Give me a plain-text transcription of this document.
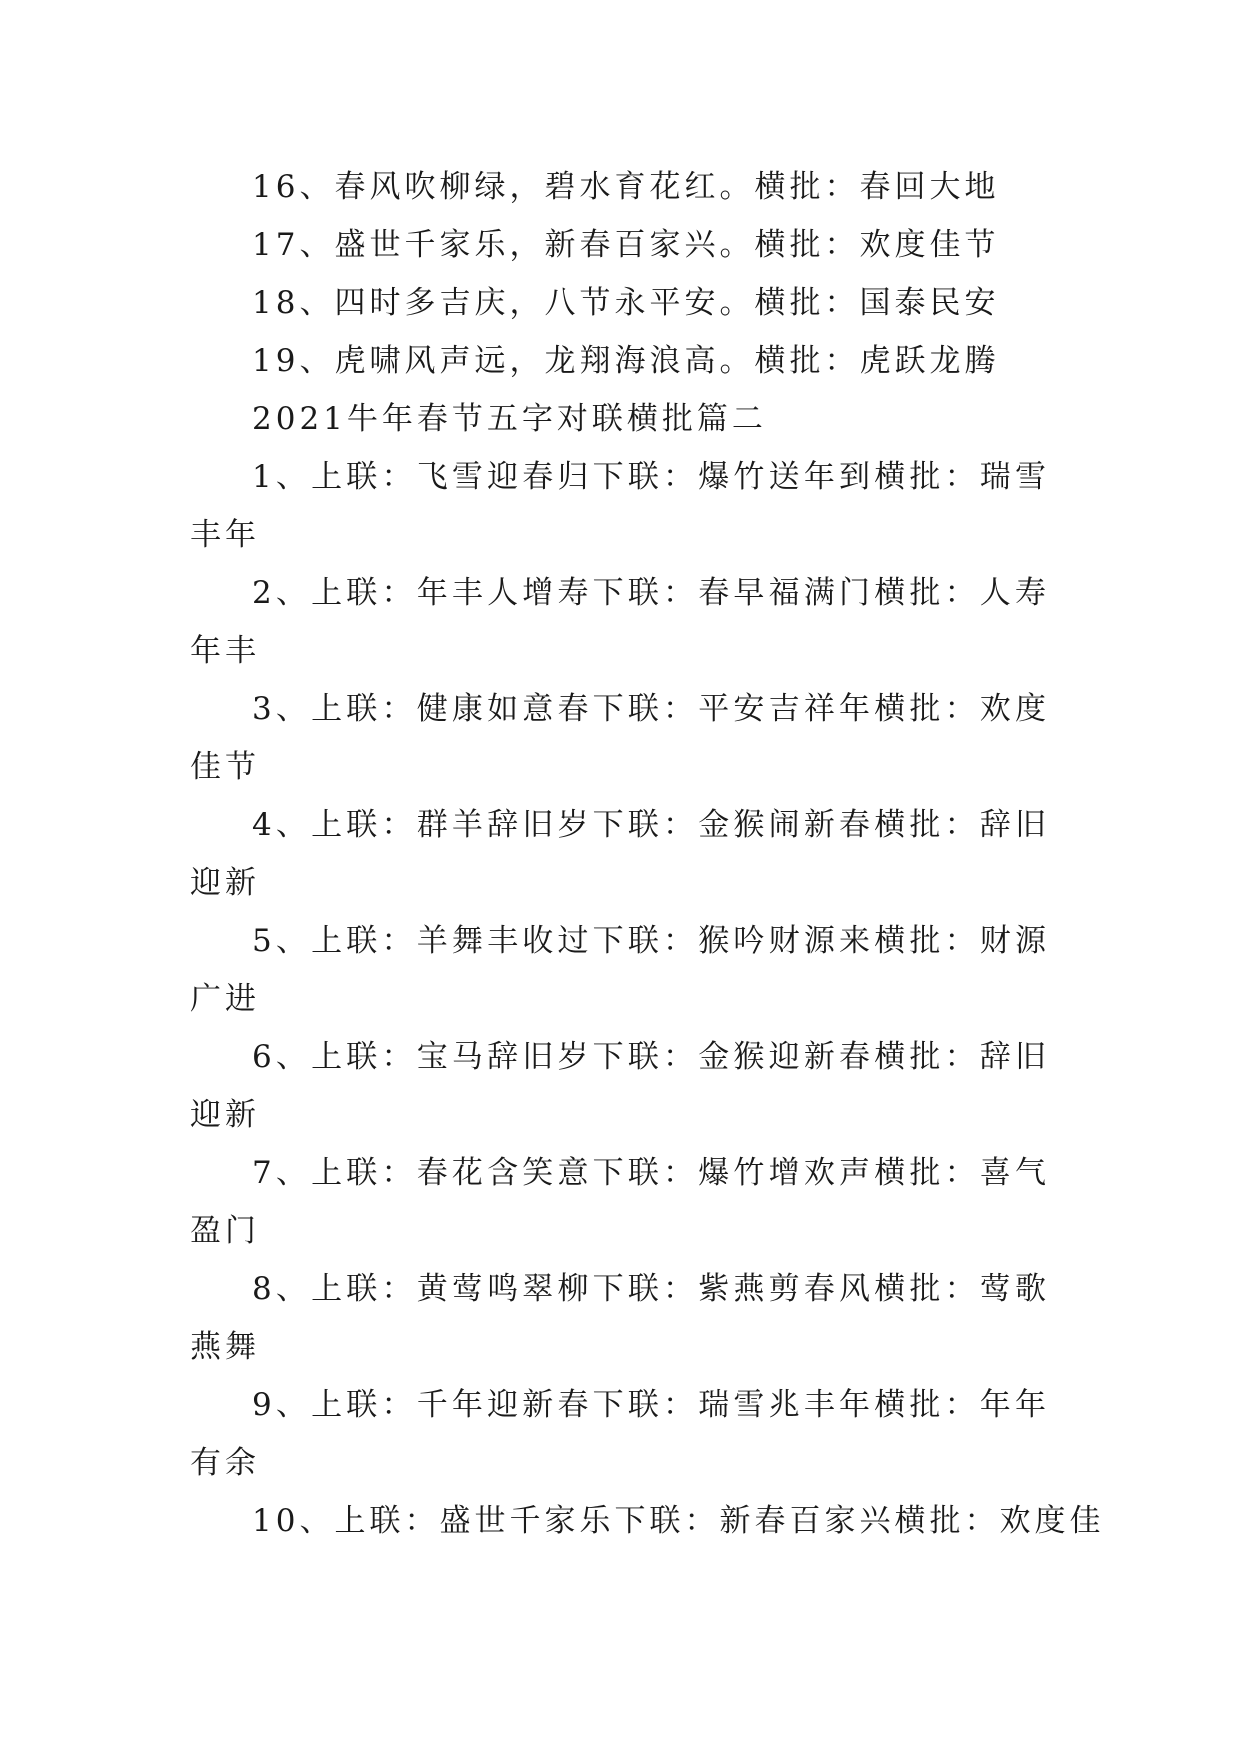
16、春风吹柳绿，碧水育花红。横批：春回大地
17、盛世千家乐，新春百家兴。横批：欢度佳节
18、四时多吉庆，八节永平安。横批：国泰民安
19、虎啸风声远，龙翔海浪高。横批：虎跃龙腾
2021牛年春节五字对联横批篇二

1、上联：飞雪迎春归下联：爆竹送年到横批：瑞雪丰年

2、上联：年丰人增寿下联：春早福满门横批：人寿年丰

3、上联：健康如意春下联：平安吉祥年横批：欢度佳节

4、上联：群羊辞旧岁下联：金猴闹新春横批：辞旧迎新

5、上联：羊舞丰收过下联：猴吟财源来横批：财源广进

6、上联：宝马辞旧岁下联：金猴迎新春横批：辞旧迎新

7、上联：春花含笑意下联：爆竹增欢声横批：喜气盈门

8、上联：黄莺鸣翠柳下联：紫燕剪春风横批：莺歌燕舞

9、上联：千年迎新春下联：瑞雪兆丰年横批：年年有余

10、上联：盛世千家乐下联：新春百家兴横批：欢度佳
